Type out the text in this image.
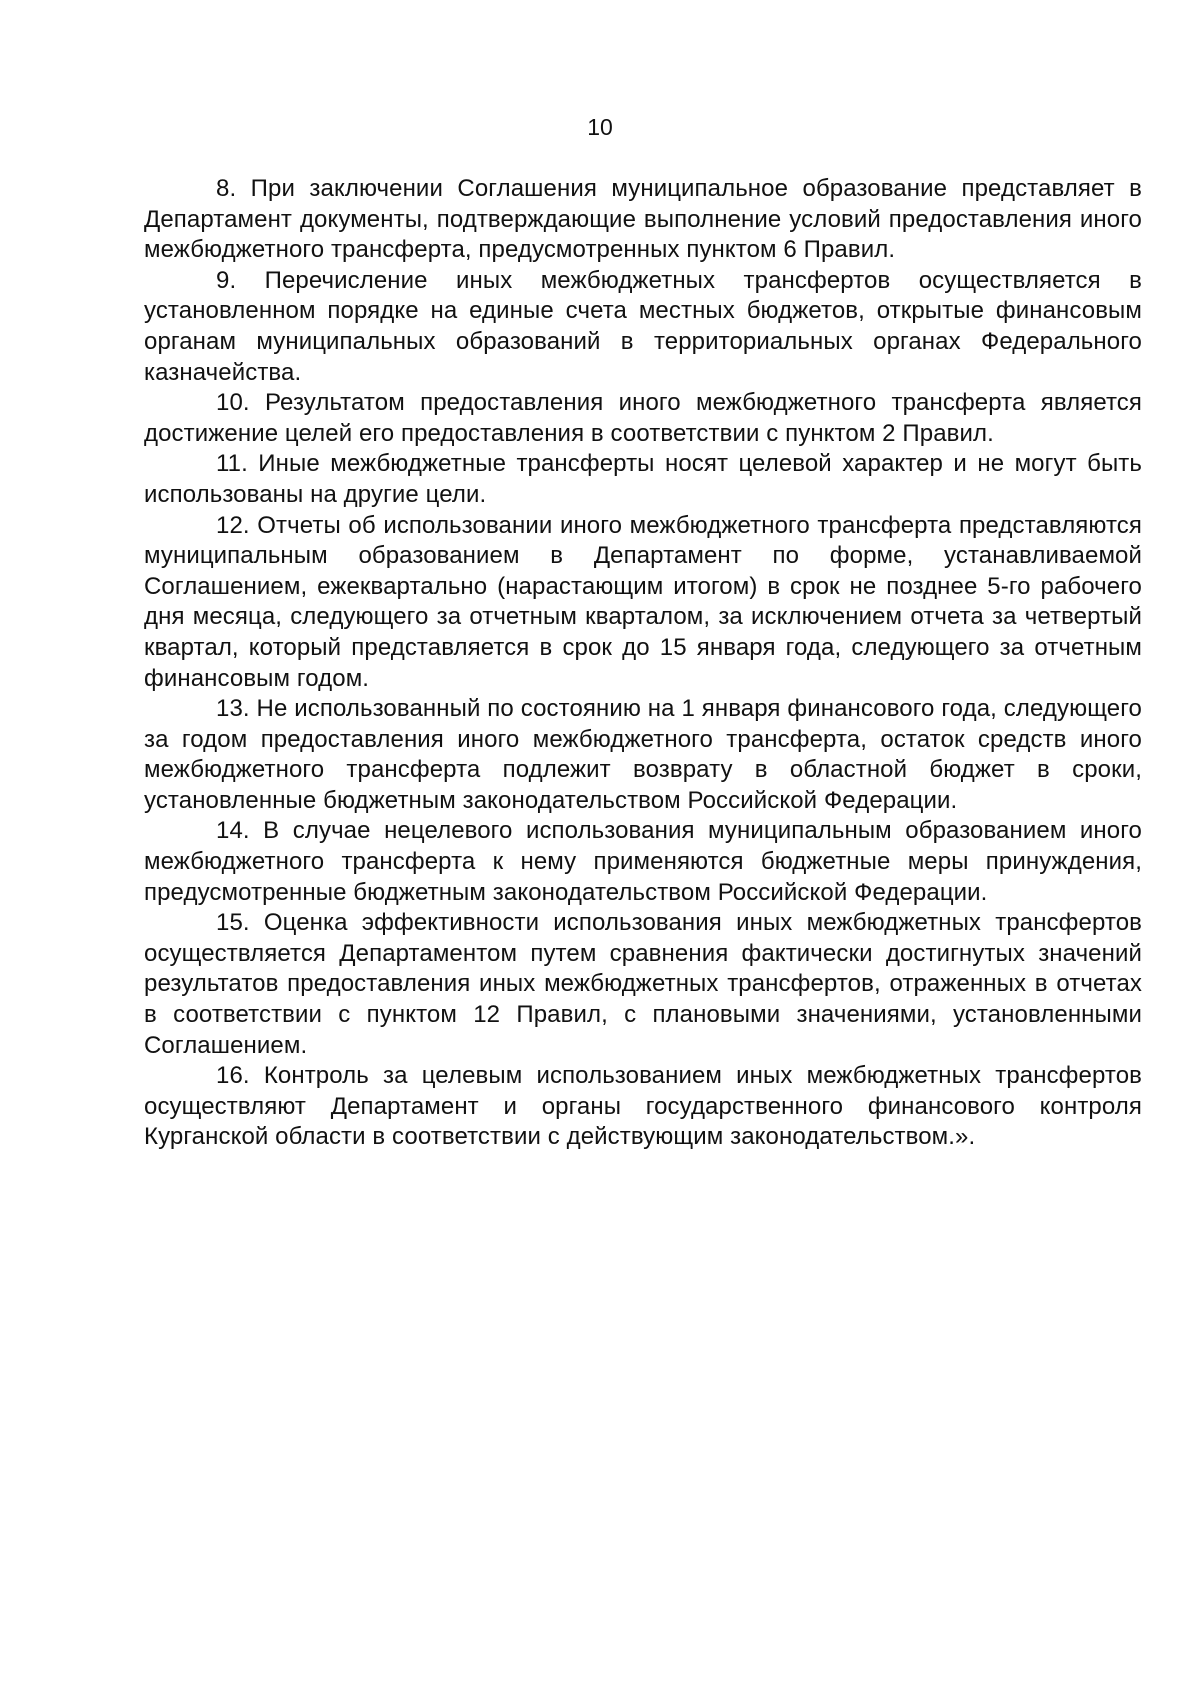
10

8. При заключении Соглашения муниципальное образование представляет в Департамент документы, подтверждающие выполнение условий предоставления иного межбюджетного трансферта, предусмотренных пунктом 6 Правил.

9. Перечисление иных межбюджетных трансфертов осуществляется в установленном порядке на единые счета местных бюджетов, открытые финансовым органам муниципальных образований в территориальных органах Федерального казначейства.

10. Результатом предоставления иного межбюджетного трансферта является достижение целей его предоставления в соответствии с пунктом 2 Правил.

11. Иные межбюджетные трансферты носят целевой характер и не могут быть использованы на другие цели.

12. Отчеты об использовании иного межбюджетного трансферта представляются муниципальным образованием в Департамент по форме, устанавливаемой Соглашением, ежеквартально (нарастающим итогом) в срок не позднее 5-го рабочего дня месяца, следующего за отчетным кварталом, за исключением отчета за четвертый квартал, который представляется в срок до 15 января года, следующего за отчетным финансовым годом.

13. Не использованный по состоянию на 1 января финансового года, следующего за годом предоставления иного межбюджетного трансферта, остаток средств иного межбюджетного трансферта подлежит возврату в областной бюджет в сроки, установленные бюджетным законодательством Российской Федерации.

14. В случае нецелевого использования муниципальным образованием иного межбюджетного трансферта к нему применяются бюджетные меры принуждения, предусмотренные бюджетным законодательством Российской Федерации.

15. Оценка эффективности использования иных межбюджетных трансфертов осуществляется Департаментом путем сравнения фактически достигнутых значений результатов предоставления иных межбюджетных трансфертов, отраженных в отчетах в соответствии с пунктом 12 Правил, с плановыми значениями, установленными Соглашением.

16. Контроль за целевым использованием иных межбюджетных трансфертов осуществляют Департамент и органы государственного финансового контроля Курганской области в соответствии с действующим законодательством.».
